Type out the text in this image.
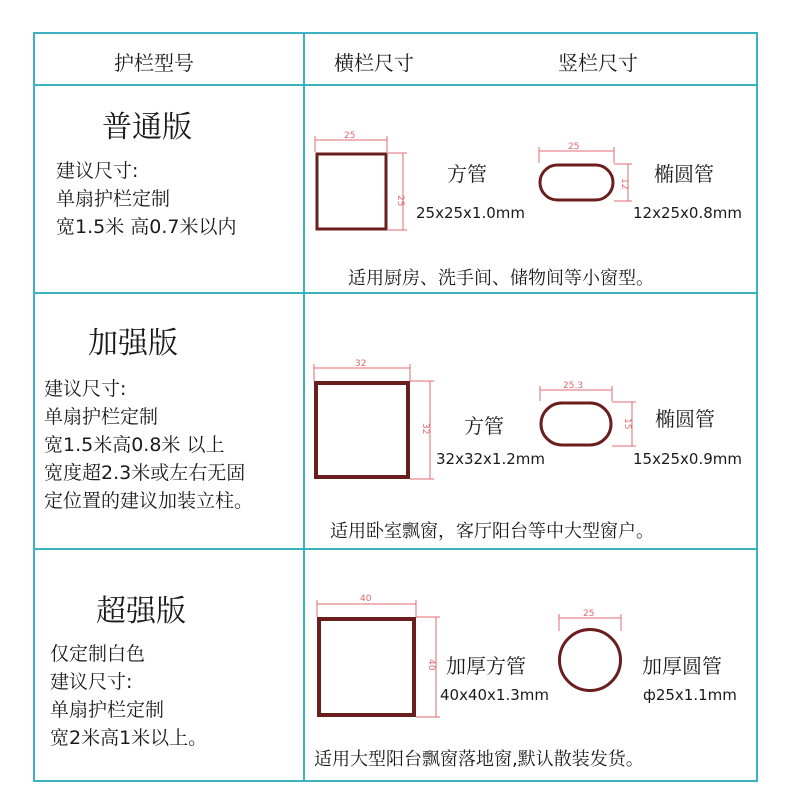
护栏型号	横栏尺寸	竖栏尺寸
普通版
建议尺寸:
单扇护栏定制
宽1.5米 高0.7米以内
方管
25x25x1.0mm
椭圆管
12x25x0.8mm
适用厨房、洗手间、储物间等小窗型。
加强版
建议尺寸:
单扇护栏定制
宽1.5米高0.8米 以上
宽度超2.3米或左右无固
定位置的建议加装立柱。
方管
32x32x1.2mm
椭圆管
15x25x0.9mm
适用卧室飘窗，客厅阳台等中大型窗户。
超强版
仅定制白色
建议尺寸:
单扇护栏定制
宽2米高1米以上。
加厚方管
40x40x1.3mm
加厚圆管
ф25x1.1mm
适用大型阳台飘窗落地窗,默认散装发货。
25
25
25
12
32
32
25.3
15
40
40
25
